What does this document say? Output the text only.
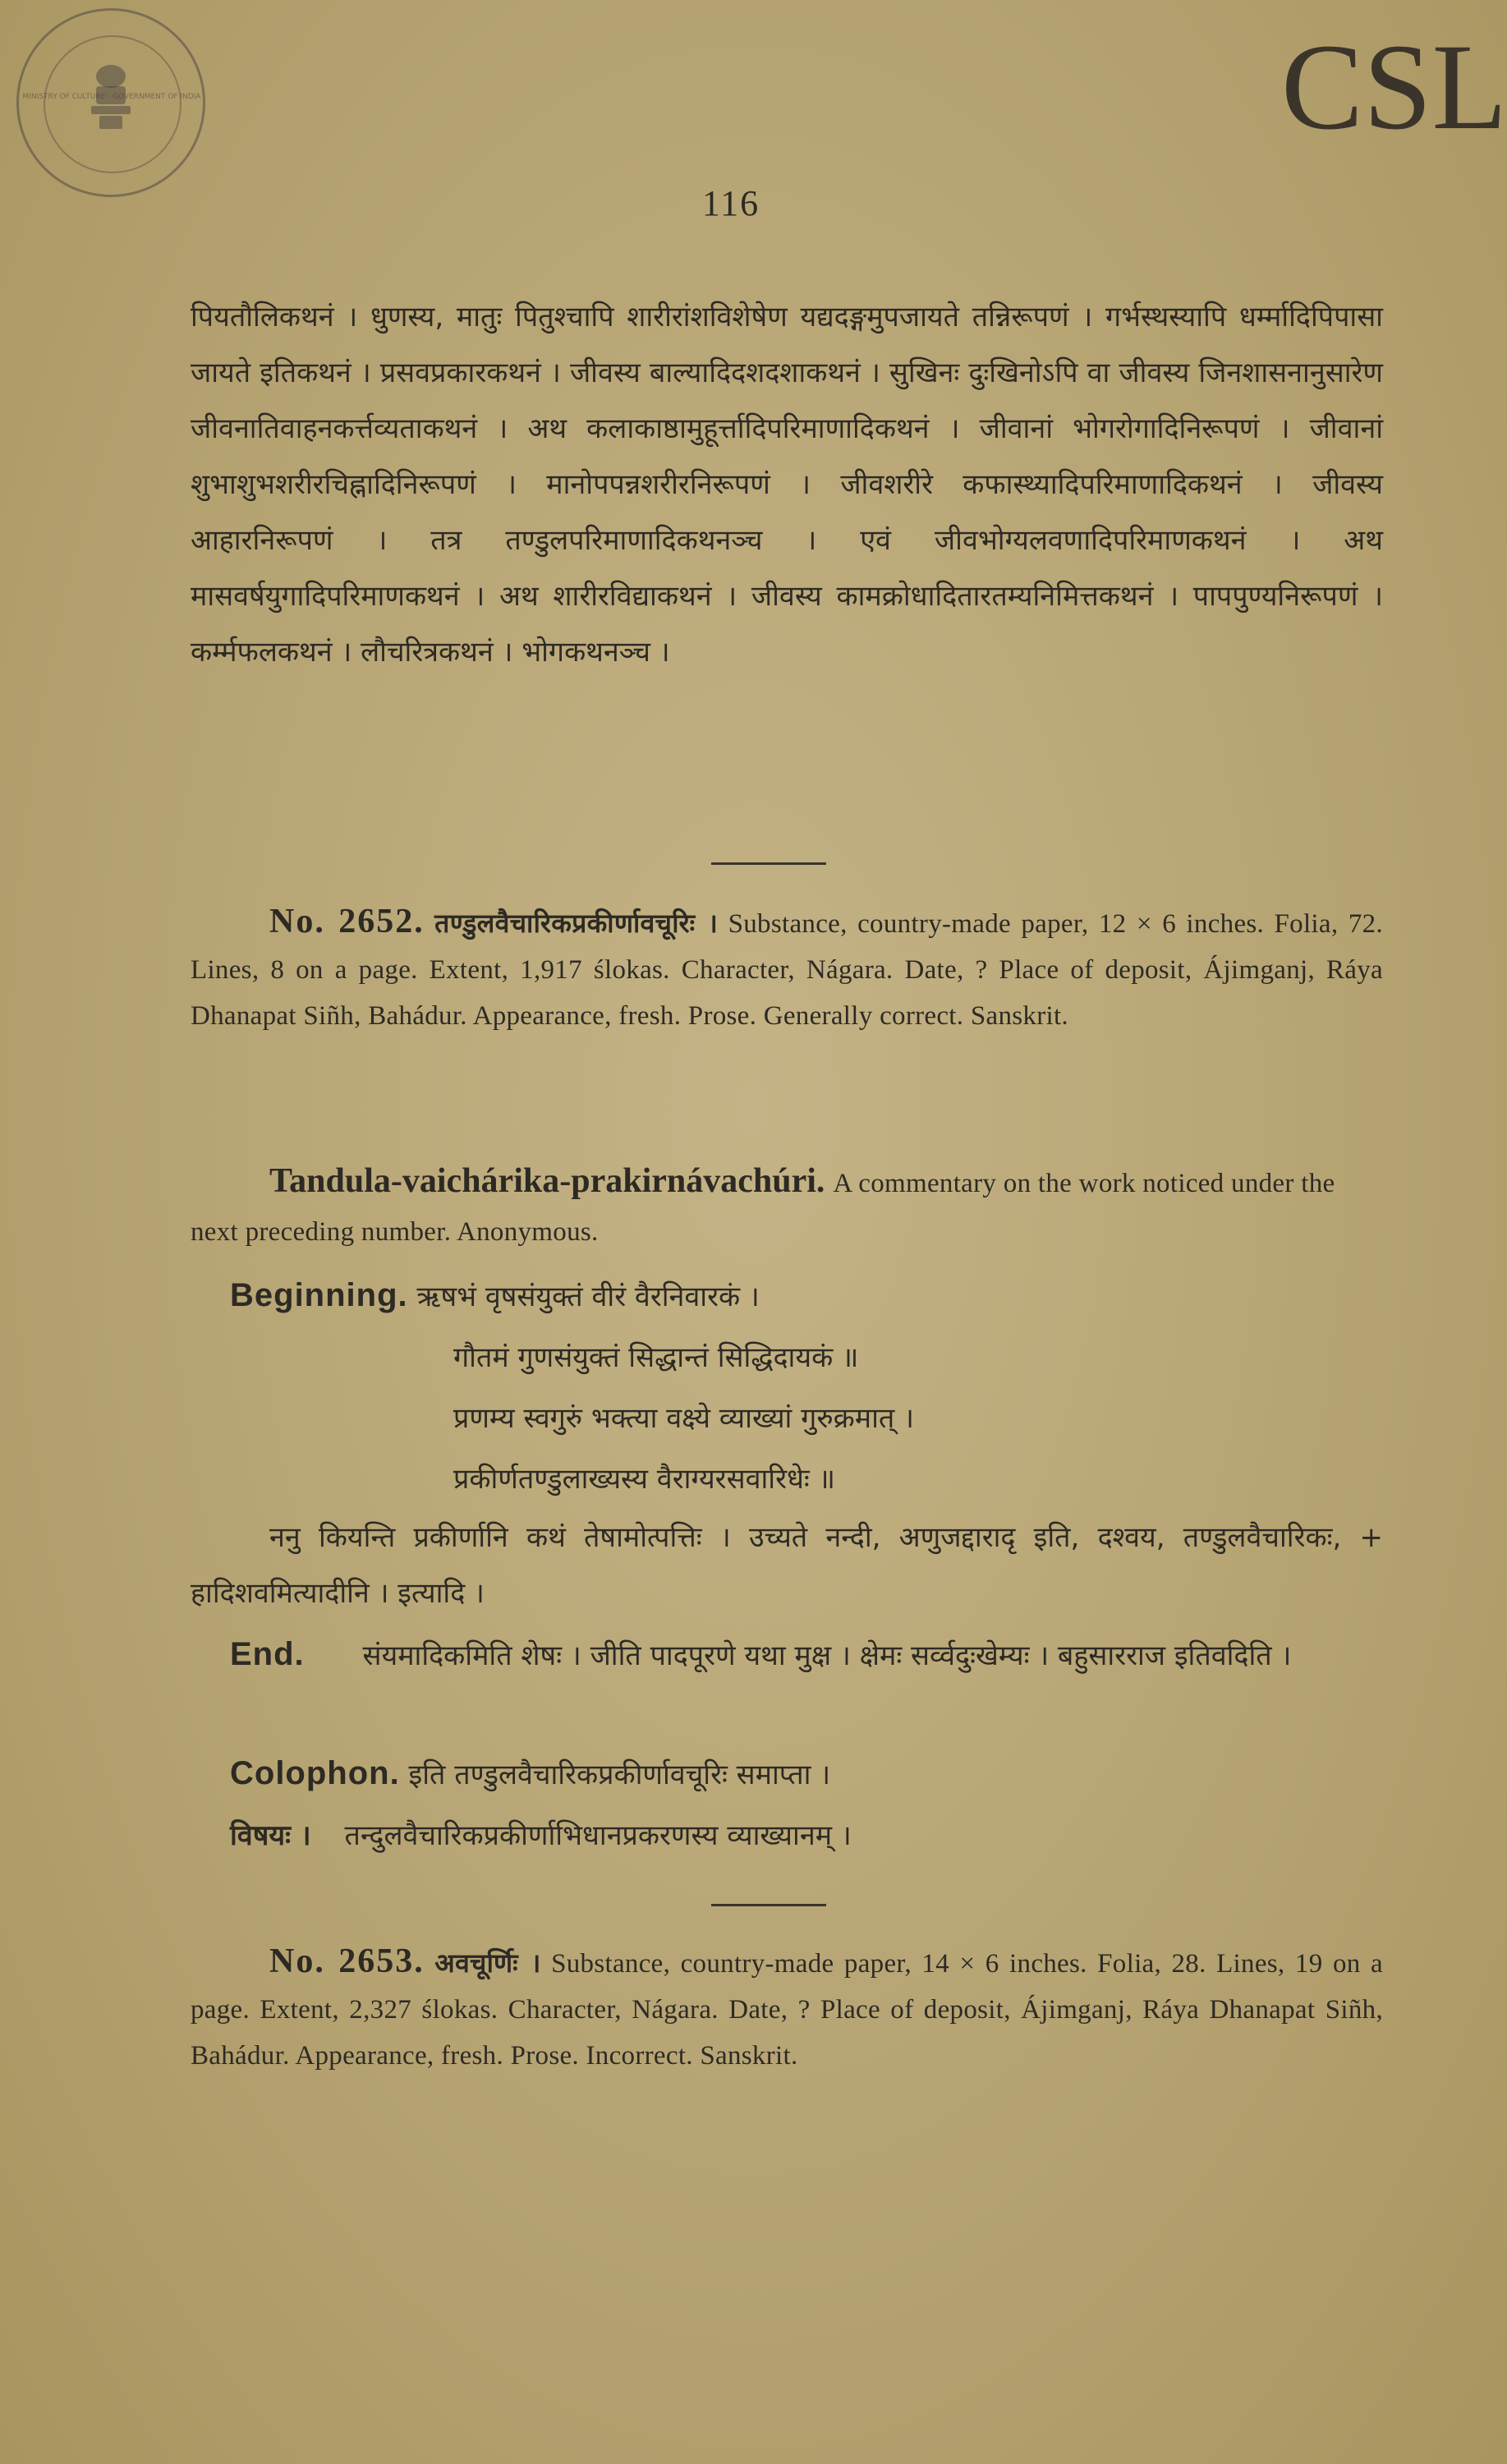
MINISTRY OF CULTURE · GOVERNMENT OF INDIA	CSL
116

पियतौलिकथनं । धुणस्य, मातुः पितुश्चापि शारीरांशविशेषेण यद्यदङ्गमुपजायते तन्निरूपणं । गर्भस्थस्यापि धर्म्मादिपिपासा जायते इतिकथनं । प्रसवप्रकारकथनं । जीवस्य बाल्यादिदशदशाकथनं । सुखिनः दुःखिनोऽपि वा जीवस्य जिनशासनानुसारेण जीवनातिवाहनकर्त्तव्यताकथनं । अथ कलाकाष्ठामुहूर्त्तादिपरिमाणादिकथनं । जीवानां भोगरोगादिनिरूपणं । जीवानां शुभाशुभशरीरचिह्नादिनिरूपणं । मानोपपन्नशरीरनिरूपणं । जीवशरीरे कफास्थ्यादिपरिमाणादिकथनं । जीवस्य आहारनिरूपणं । तत्र तण्डुलपरिमाणादिकथनञ्च । एवं जीवभोग्यलवणादिपरिमाणकथनं । अथ मासवर्षयुगादिपरिमाणकथनं । अथ शारीरविद्याकथनं । जीवस्य कामक्रोधादितारतम्यनिमित्तकथनं । पापपुण्यनिरूपणं । कर्म्मफलकथनं । लौचरित्रकथनं । भोगकथनञ्च ।

No. 2652. तण्डुलवैचारिकप्रकीर्णावचूरिः । Substance, country-made paper, 12 × 6 inches. Folia, 72. Lines, 8 on a page. Extent, 1,917 ślokas. Character, Nágara. Date, ? Place of deposit, Ájimganj, Ráya Dhanapat Siñh, Bahádur. Appearance, fresh. Prose. Generally correct. Sanskrit.

Tandula-vaichárika-prakirnávachúri. A commentary on the work noticed under the next preceding number. Anonymous.

Beginning. ऋषभं वृषसंयुक्तं वीरं वैरनिवारकं ।

गौतमं गुणसंयुक्तं सिद्धान्तं सिद्धिदायकं ॥

प्रणम्य स्वगुरुं भक्त्या वक्ष्ये व्याख्यां गुरुक्रमात् ।

प्रकीर्णतण्डुलाख्यस्य वैराग्यरसवारिधेः ॥

ननु कियन्ति प्रकीर्णानि कथं तेषामोत्पत्तिः । उच्यते नन्दी, अणुजद्दारादृ इति, दश्वय, तण्डुलवैचारिकः, + हादिशवमित्यादीनि । इत्यादि ।

End. संयमादिकमिति शेषः । जीति पादपूरणे यथा मुक्ष । क्षेमः सर्व्वदुःखेम्यः । बहुसारराज इतिवदिति ।

Colophon. इति तण्डुलवैचारिकप्रकीर्णावचूरिः समाप्ता ।

विषयः । तन्दुलवैचारिकप्रकीर्णाभिधानप्रकरणस्य व्याख्यानम् ।

No. 2653. अवचूर्णिः । Substance, country-made paper, 14 × 6 inches. Folia, 28. Lines, 19 on a page. Extent, 2,327 ślokas. Character, Nágara. Date, ? Place of deposit, Ájimganj, Ráya Dhanapat Siñh, Bahádur. Appearance, fresh. Prose. Incorrect. Sanskrit.
